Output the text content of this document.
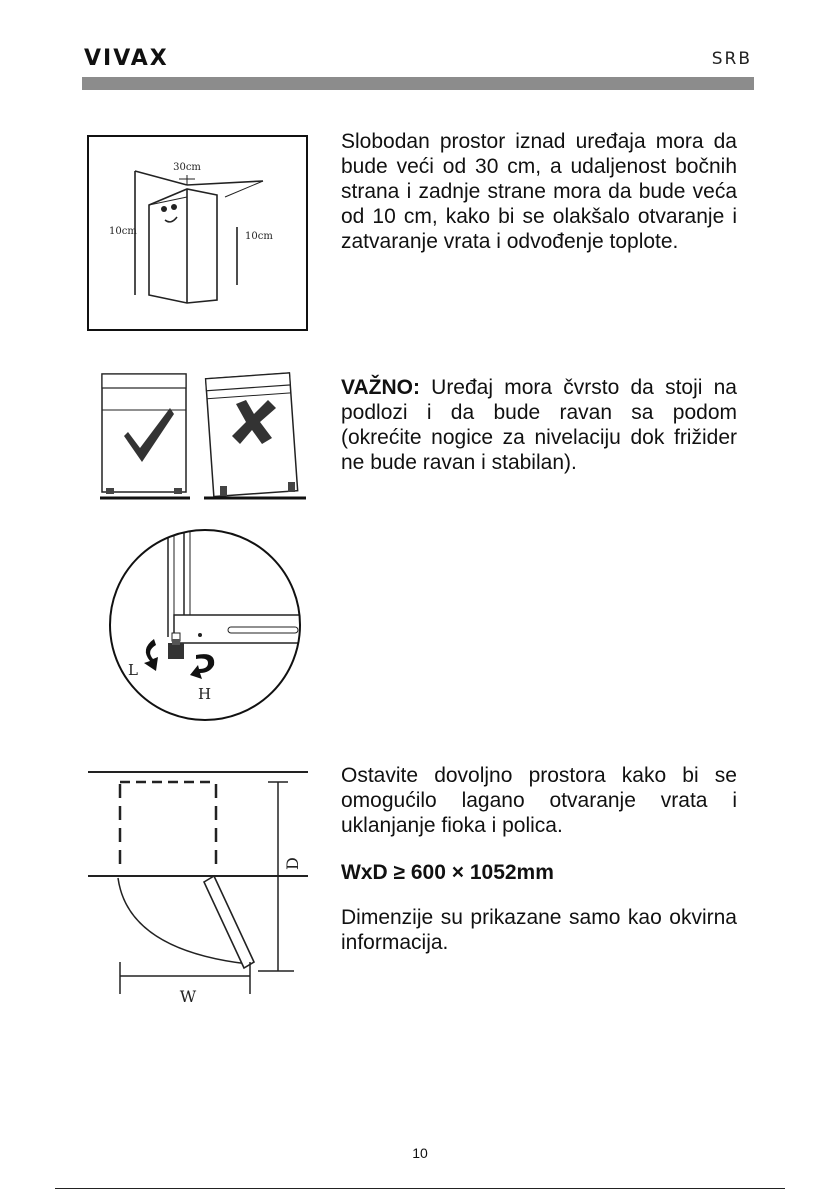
VIVAX	SRB
30cm
10cm	10cm

Slobodan prostor iznad uređaja mora da bude veći od 30 cm, a udaljenost bočnih strana i zadnje strane mora da bude veća od 10 cm, kako bi se olakšalo otvaranje i zatvaranje vrata i odvođenje toplote.

VAŽNO: Uređaj mora čvrsto da stoji na podlozi i da bude ravan sa podom (okrećite nogice za nivelaciju dok frižider ne bude ravan i stabilan).

L
H
D
W

Ostavite dovoljno prostora kako bi se omogućilo lagano otvaranje vrata i uklanjanje fioka i polica.

WxD ≥ 600 × 1052mm

Dimenzije su prikazane samo kao okvirna informacija.

10
